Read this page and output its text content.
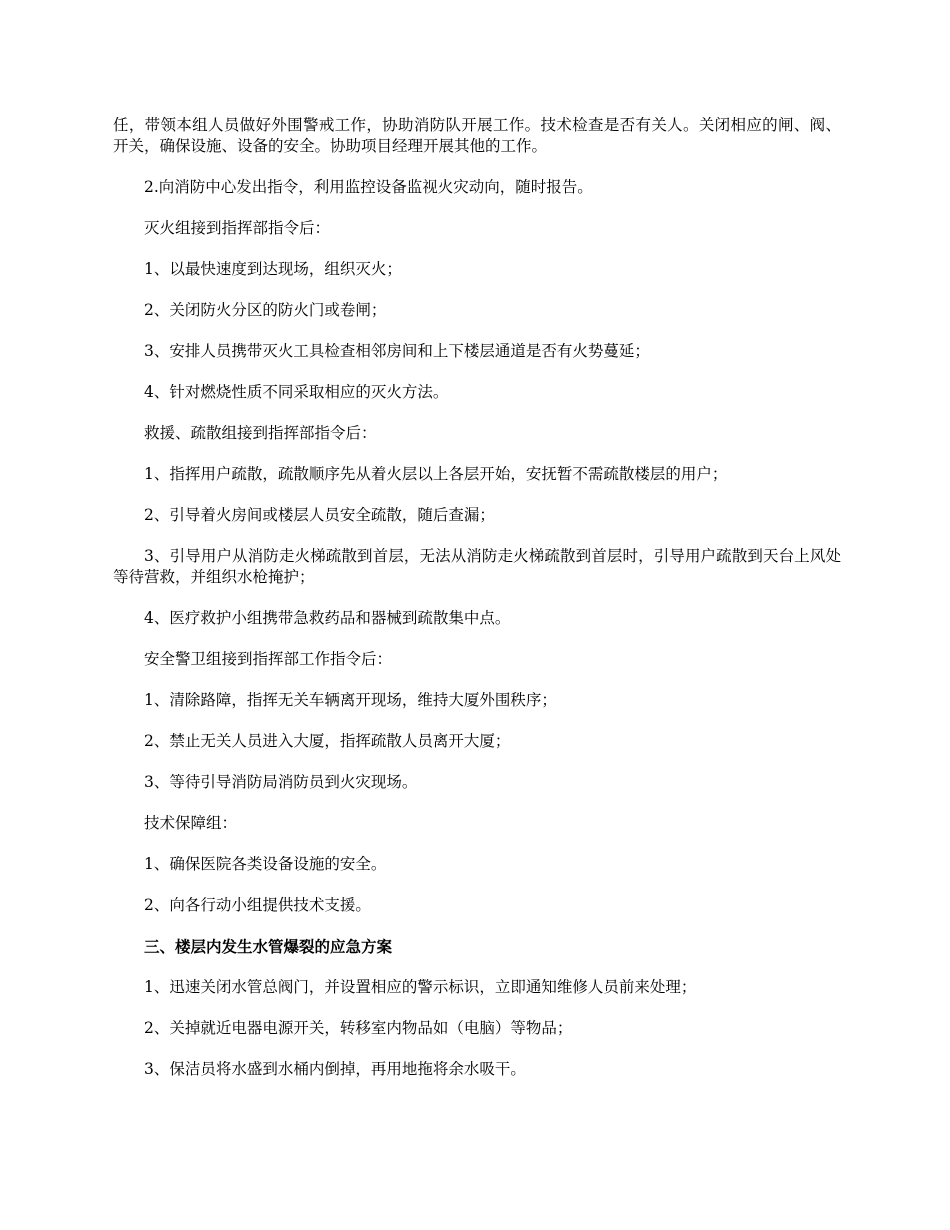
任，带领本组人员做好外围警戒工作，协助消防队开展工作。技术检查是否有关人。关闭相应的闸、阀、开关，确保设施、设备的安全。协助项目经理开展其他的工作。

2.向消防中心发出指令，利用监控设备监视火灾动向，随时报告。

灭火组接到指挥部指令后：

1、以最快速度到达现场，组织灭火；

2、关闭防火分区的防火门或卷闸；

3、安排人员携带灭火工具检查相邻房间和上下楼层通道是否有火势蔓延；

4、针对燃烧性质不同采取相应的灭火方法。

救援、疏散组接到指挥部指令后：

1、指挥用户疏散，疏散顺序先从着火层以上各层开始，安抚暂不需疏散楼层的用户；

2、引导着火房间或楼层人员安全疏散，随后查漏；

3、引导用户从消防走火梯疏散到首层，无法从消防走火梯疏散到首层时，引导用户疏散到天台上风处等待营救，并组织水枪掩护；

4、医疗救护小组携带急救药品和器械到疏散集中点。

安全警卫组接到指挥部工作指令后：

1、清除路障，指挥无关车辆离开现场，维持大厦外围秩序；

2、禁止无关人员进入大厦，指挥疏散人员离开大厦；

3、等待引导消防局消防员到火灾现场。

技术保障组：

1、确保医院各类设备设施的安全。

2、向各行动小组提供技术支援。

三、楼层内发生水管爆裂的应急方案

1、迅速关闭水管总阀门，并设置相应的警示标识，立即通知维修人员前来处理；

2、关掉就近电器电源开关，转移室内物品如（电脑）等物品；

3、保洁员将水盛到水桶内倒掉，再用地拖将余水吸干。
